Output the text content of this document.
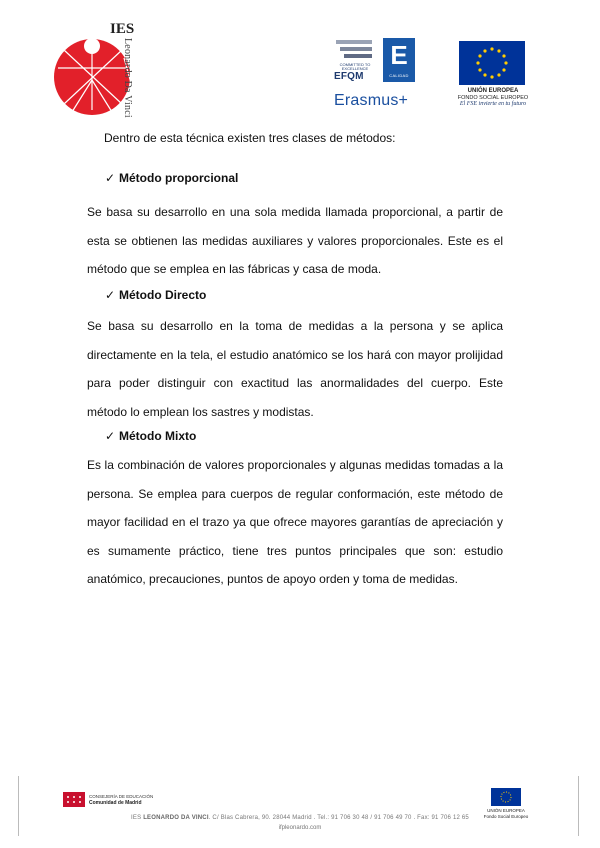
IES
Leonardo Da Vinci	COMMITTED TO EXCELLENCE
EFQM
E
CALIDAD
Erasmus+
UNIÓN EUROPEA
FONDO SOCIAL EUROPEO
El FSE invierte en tu futuro

Dentro de esta técnica existen tres clases de métodos:

✓ Método proporcional

Se basa su desarrollo en una sola medida llamada proporcional, a partir de esta se obtienen las medidas auxiliares y valores proporcionales. Este es el método que se emplea en las fábricas y casa de moda.

✓ Método Directo

Se basa su desarrollo en la toma de medidas a la persona y se aplica directamente en la tela, el estudio anatómico se los hará con mayor prolijidad para poder distinguir con exactitud las anormalidades del cuerpo. Este método lo emplean los sastres y modistas.

✓ Método Mixto

Es la combinación de valores proporcionales y algunas medidas tomadas a la persona. Se emplea para cuerpos de regular conformación, este método de mayor facilidad en el trazo ya que ofrece mayores garantías de apreciación y es sumamente práctico, tiene tres puntos principales que son: estudio anatómico, precauciones, puntos de apoyo orden y toma de medidas.

CONSEJERÍA DE EDUCACIÓN
Comunidad de Madrid
UNIÓN EUROPEA
Fondo Social Europeo
IES LEONARDO DA VINCI. C/ Blas Cabrera, 90. 28044 Madrid . Tel.: 91 706 30 48 / 91 706 49 70 . Fax: 91 706 12 65
ifpleonardo.com
